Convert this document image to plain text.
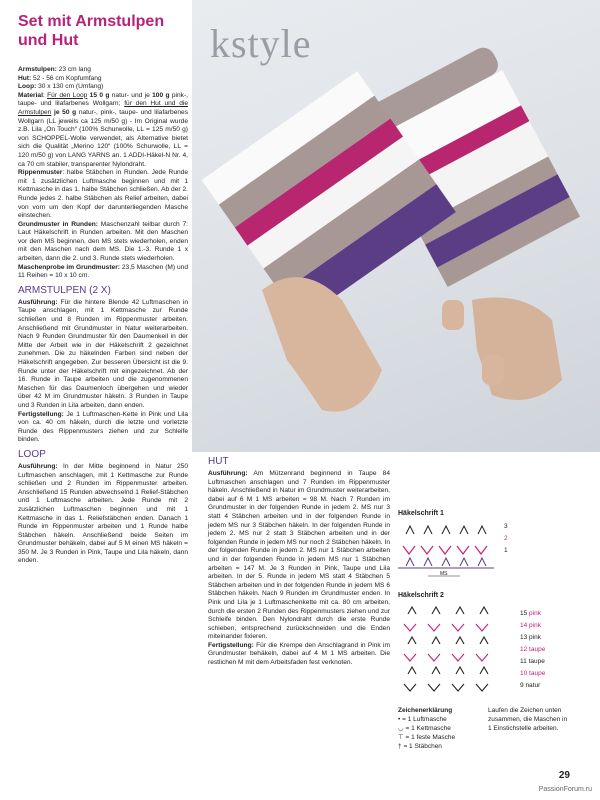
Set mit Armstulpen und Hut	kstyle

Armstulpen: 23 cm lang

Hut: 52 - 56 cm Kopfumfang

Loop: 30 x 130 cm (Umfang)

Material: Für den Loop 15 0 g natur- und je 100 g pink-, taupe- und lilafarbenes Wollgarn; für den Hut und die Armstulpen je 50 g natur-, pink-, taupe- und lilafarbenes Wollgarn (LL jeweils ca 125 m/50 g) - Im Original wurde z.B. Lila „On Touch“ (100% Schurwolle, LL = 125 m/50 g) von SCHOPPEL-Wolle verwendet, als Alternative bietet sich die Qualität „Merino 120“ (100% Schurwolle, LL = 120 m/50 g) von LANG YARNS an. 1 ADDI-Häkel-N Nr. 4, ca 70 cm stabiler, transparenter Nylondraht.

Rippenmuster: halbe Stäbchen in Runden. Jede Runde mit 1 zusätzlichen Luftmasche beginnen und mit 1 Kettmasche in das 1. halbe Stäbchen schließen. Ab der 2. Runde jedes 2. halbe Stäbchen als Relief arbeiten, dabei von vorn um den Kopf der darunterliegenden Masche einstechen.

Grundmuster in Runden: Maschenzahl teilbar durch 7: Laut Häkelschrift in Runden arbeiten. Mit den Maschen vor dem MS beginnen, den MS stets wiederholen, enden mit den Maschen nach dem MS. Die 1.-3. Runde 1 x arbeiten, dann die 2. und 3. Runde stets wiederholen.

Maschenprobe im Grundmuster: 23,5 Maschen (M) und 11 Reihen = 10 x 10 cm.

ARMSTULPEN (2 X)

Ausführung: Für die hintere Blende 42 Luftmaschen in Taupe anschlagen, mit 1 Kettmasche zur Runde schließen und 8 Runden im Rippenmuster arbeiten. Anschließend mit Grundmuster in Natur weiterarbeiten. Nach 9 Runden Grundmuster für den Daumenkeil in der Mitte der Arbeit wie in der Häkelschrift 2 gezeichnet zunehmen. Die zu häkelnden Farben sind neben der Häkelschrift angegeben. Zur besseren Übersicht ist die 9. Runde unter der Häkelschrift mit eingezeichnet. Ab der 16. Runde in Taupe arbeiten und die zugenommenen Maschen für das Daumenloch übergehen und wieder über 42 M im Grundmuster häkeln. 3 Runden in Taupe und 3 Runden in Lila arbeiten, dann enden.

Fertigstellung: Je 1 Luftmaschen-Kette in Pink und Lila von ca. 40 cm häkeln, durch die letzte und vorletzte Runde des Rippenmusters ziehen und zur Schleife binden.

LOOP

Ausführung: In der Mitte beginnend in Natur 250 Luftmaschen anschlagen, mit 1 Kettmasche zur Runde schließen und 2 Runden im Rippenmuster arbeiten. Anschließend 15 Runden abwechselnd 1 Relief-Stäbchen und 1 Luftmasche arbeiten. Jede Runde mit 2 zusätzlichen Luftmaschen beginnen und mit 1 Kettmasche in das 1. Reliefstäbchen enden. Danach 1 Runde im Rippenmuster arbeiten und 1 Runde halbe Stäbchen häkeln. Anschließend beide Seiten im Grundmuster behäkeln, dabei auf 5 M einen MS häkeln = 350 M. Je 3 Runden in Pink, Taupe und Lila häkeln, dann enden.

HUT

Ausführung: Am Mützenrand beginnend in Taupe 84 Luftmaschen anschlagen und 7 Runden im Rippenmuster häkeln. Anschließend in Natur im Grundmuster weiterarbeiten, dabei auf 6 M 1 MS arbeiten = 98 M. Nach 7 Runden im Grundmuster in der folgenden Runde in jedem 2. MS nur 3 statt 4 Stäbchen arbeiten und in der folgenden Runde in jedem MS nur 3 Stäbchen häkeln. In der folgenden Runde in jedem 2. MS nur 2 statt 3 Stäbchen arbeiten und in der folgenden Runde in jedem MS nur noch 2 Stäbchen häkeln. In der folgenden Runde in jedem 2. MS nur 1 Stäbchen arbeiten und in der folgenden Runde in jedem MS nur 1 Stäbchen arbeiten = 147 M. Je 3 Runden in Pink, Taupe und Lila arbeiten. In der 5. Runde in jedem MS statt 4 Stäbchen 5 Stäbchen arbeiten und in der folgenden Runde in jedem MS 6 Stäbchen häkeln. Nach 9 Runden im Grundmuster enden. In Pink und Lila je 1 Luftmaschenkette mit ca. 80 cm arbeiten, durch die ersten 2 Runden des Rippenmusters ziehen und zur Schleife binden. Den Nylondraht durch die erste Runde schieben, entsprechend zurückschneiden und die Enden miteinander fixieren.

Fertigstellung: Für die Krempe den Anschlagrand in Pink im Grundmuster behäkeln, dabei auf 4 M 1 MS arbeiten. Die restlichen M mit dem Arbeitsfaden fest verknoten.

Häkelschrift 1
MS
3
2
1
Häkelschrift 2
15 pink
14 pink
13 pink
12 taupe
11 taupe
10 taupe
9 natur
Zeichenerklärung
• = 1 Luftmasche
◡ = 1 Kettmasche
⊤ = 1 feste Masche
† = 1 Stäbchen
Laufen die Zeichen unten zusammen, die Maschen in 1 Einstichstelle arbeiten.
29
PassionForum.ru
